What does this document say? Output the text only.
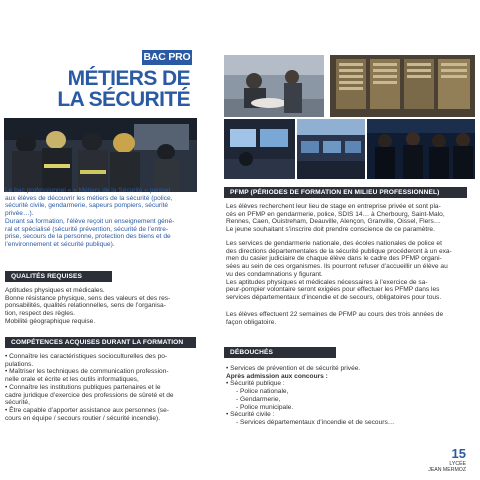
BAC PRO
MÉTIERS DE
LA SÉCURITÉ
Le bac professionnel « « Métiers de la Sécurité » permet
aux élèves de découvrir les métiers de la sécurité (police,
sécurité civile, gendarmerie, sapeurs pompiers, sécurité
privée…).
Durant sa formation, l’élève reçoit un enseignement géné-
ral et spécialisé (sécurité prévention, sécurité de l’entre-
prise, secours de la personne, protection des biens et de
l’environnement et sécurité publique).
QUALITÉS REQUISES
Aptitudes physiques et médicales.
Bonne résistance physique, sens des valeurs et des res-
ponsabilités, qualités relationnelles, sens de l’organisa-
tion, respect des règles.
Mobilité géographique requise.
COMPÉTENCES ACQUISES DURANT LA FORMATION
• Connaître les caractéristiques socioculturelles des po-
pulations.
• Maîtriser les techniques de communication profession-
nelle orale et écrite et les outils informatiques,
• Connaître les institutions publiques partenaires et le
cadre juridique d’exercice des professions de sûreté et de
sécurité,
• Être capable d’apporter assistance aux personnes (se-
cours en équipe / secours routier / sécurité incendie).
PFMP (PÉRIODES DE FORMATION EN MILIEU PROFESSIONNEL)
Les élèves recherchent leur lieu de stage en entreprise privée et sont pla-
cés en PFMP en gendarmerie, police, SDIS 14… à Cherbourg, Saint-Malo,
Rennes, Caen, Ouistreham, Deauville, Alençon, Granville, Oissel, Flers…
Le jeune souhaitant s’inscrire doit prendre conscience de ce paramètre.
Les services de gendarmerie nationale, des écoles nationales de police et
des directions départementales de la sécurité publique procéderont à un exa-
men du casier judiciaire de chaque élève dans le cadre des PFMP organi-
sées au sein de ces organismes. Ils pourront refuser d’accueillir un élève au
vu des condamnations y figurant.
Les aptitudes physiques et médicales nécessaires à l’exercice de sa-
peur-pompier volontaire seront exigées pour effectuer les PFMP dans les
services départementaux d’incendie et de secours, obligatoires pour tous.
Les élèves effectuent 22 semaines de PFMP au cours des trois années de
façon obligatoire.
DÉBOUCHÉS PROFESSIONNELS
• Services de prévention et de sécurité privée.
Après admission aux concours :
• Sécurité publique :
- Police nationale,
- Gendarmerie,
- Police municipale.
• Sécurité civile :
- Services départementaux d’incendie et de secours…
15
LYCÉE
JEAN MERMOZ
